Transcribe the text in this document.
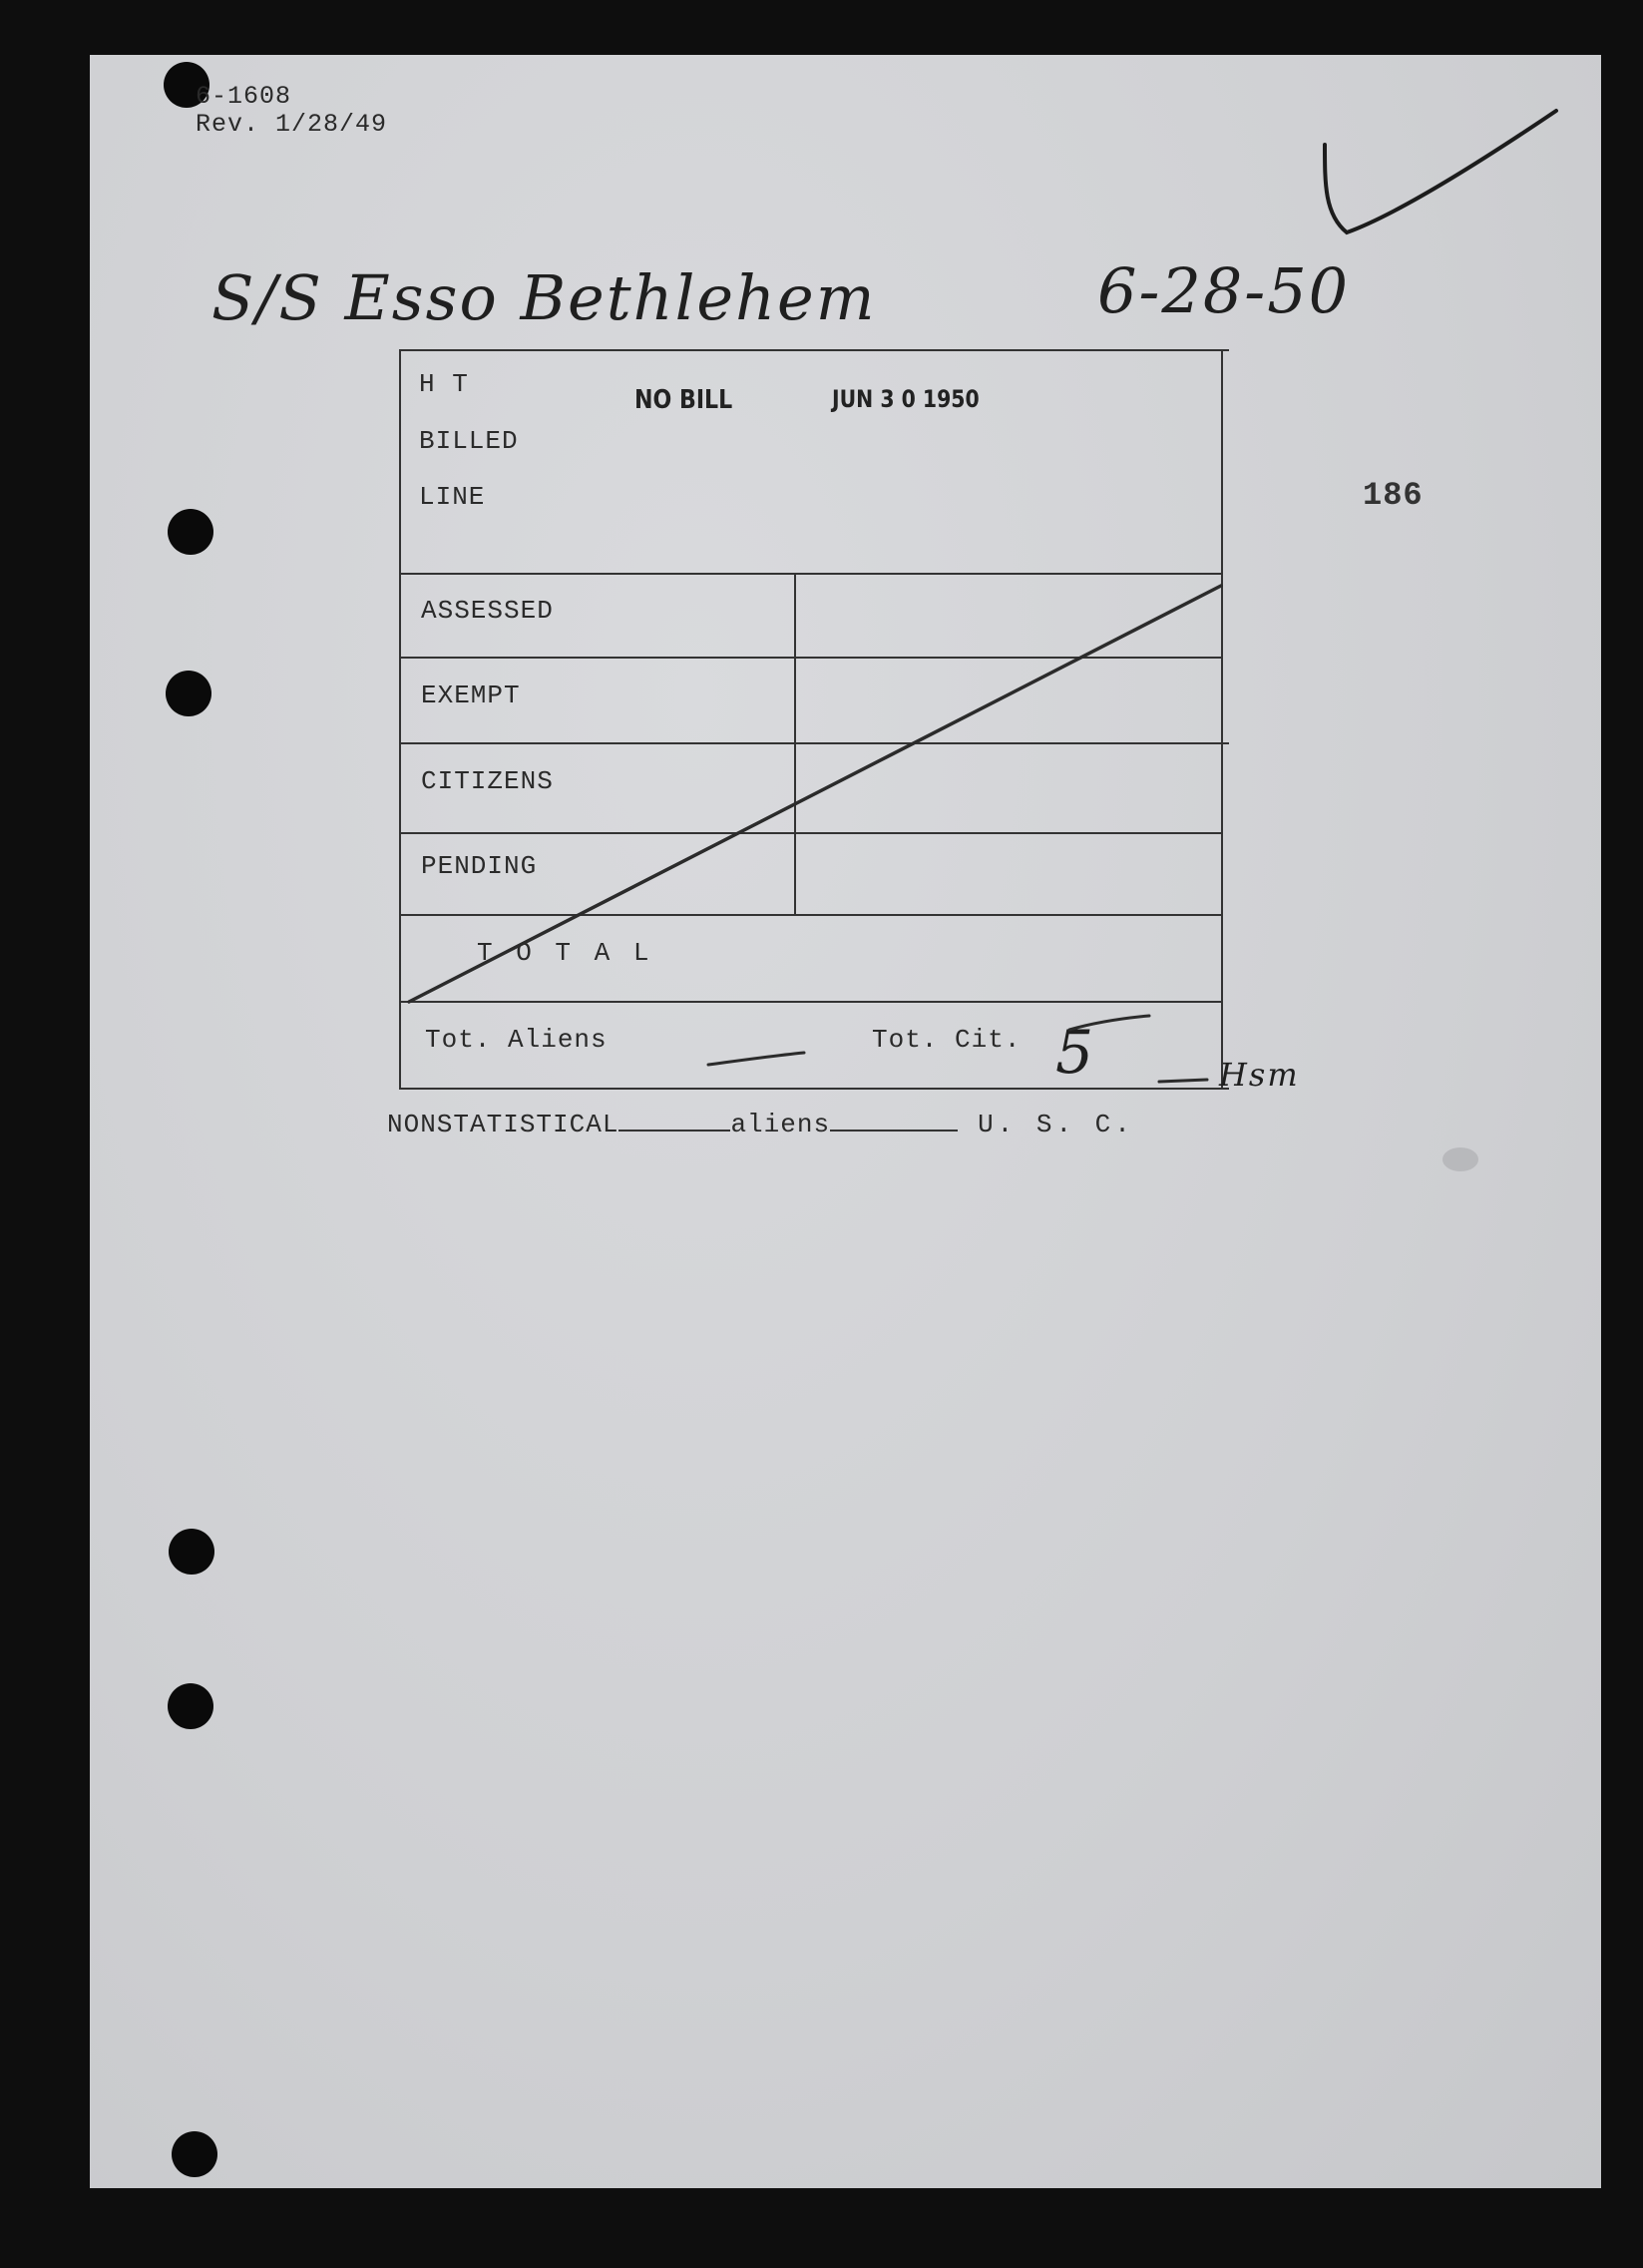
6-1608
Rev. 1/28/49
S/S Esso Bethlehem	6-28-50
186
H T
BILLED
LINE
NO BILL	JUN 3 0 1950
ASSESSED
EXEMPT
CITIZENS
PENDING
T O T A L
Tot. Aliens	Tot. Cit. 5	Hsm
NONSTATISTICAL	aliens	U. S. C.
